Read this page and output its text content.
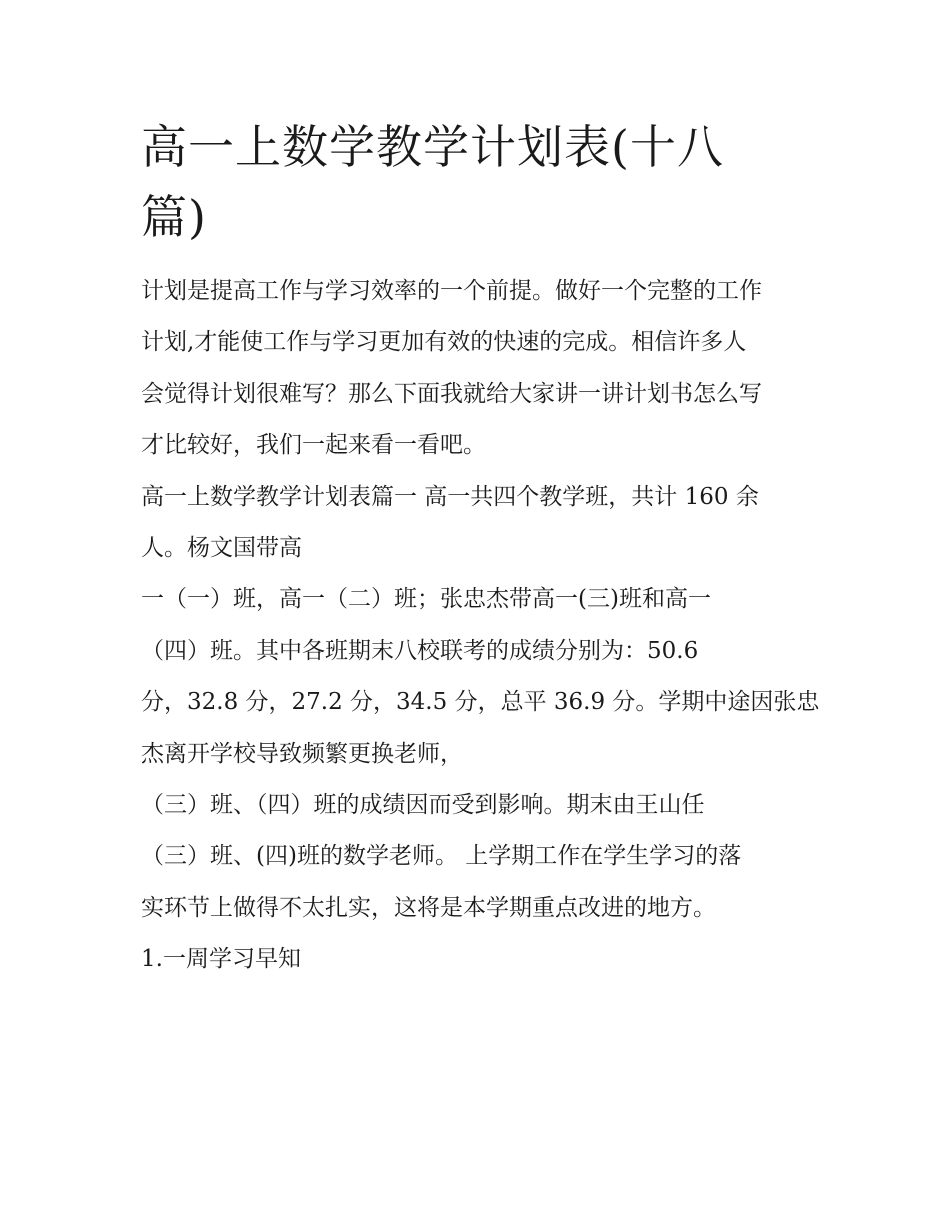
高一上数学教学计划表(十八
篇)

计划是提高工作与学习效率的一个前提。做好一个完整的工作

计划,才能使工作与学习更加有效的快速的完成。相信许多人

会觉得计划很难写？那么下面我就给大家讲一讲计划书怎么写

才比较好，我们一起来看一看吧。

高一上数学教学计划表篇一 高一共四个教学班，共计 160 余

人。杨文国带高

一（一）班，高一（二）班；张忠杰带高一(三)班和高一

（四）班。其中各班期末八校联考的成绩分别为：50.6

分，32.8 分，27.2 分，34.5 分，总平 36.9 分。学期中途因张忠

杰离开学校导致频繁更换老师，

（三）班、（四）班的成绩因而受到影响。期末由王山任

（三）班、(四)班的数学老师。 上学期工作在学生学习的落

实环节上做得不太扎实，这将是本学期重点改进的地方。

1.一周学习早知
